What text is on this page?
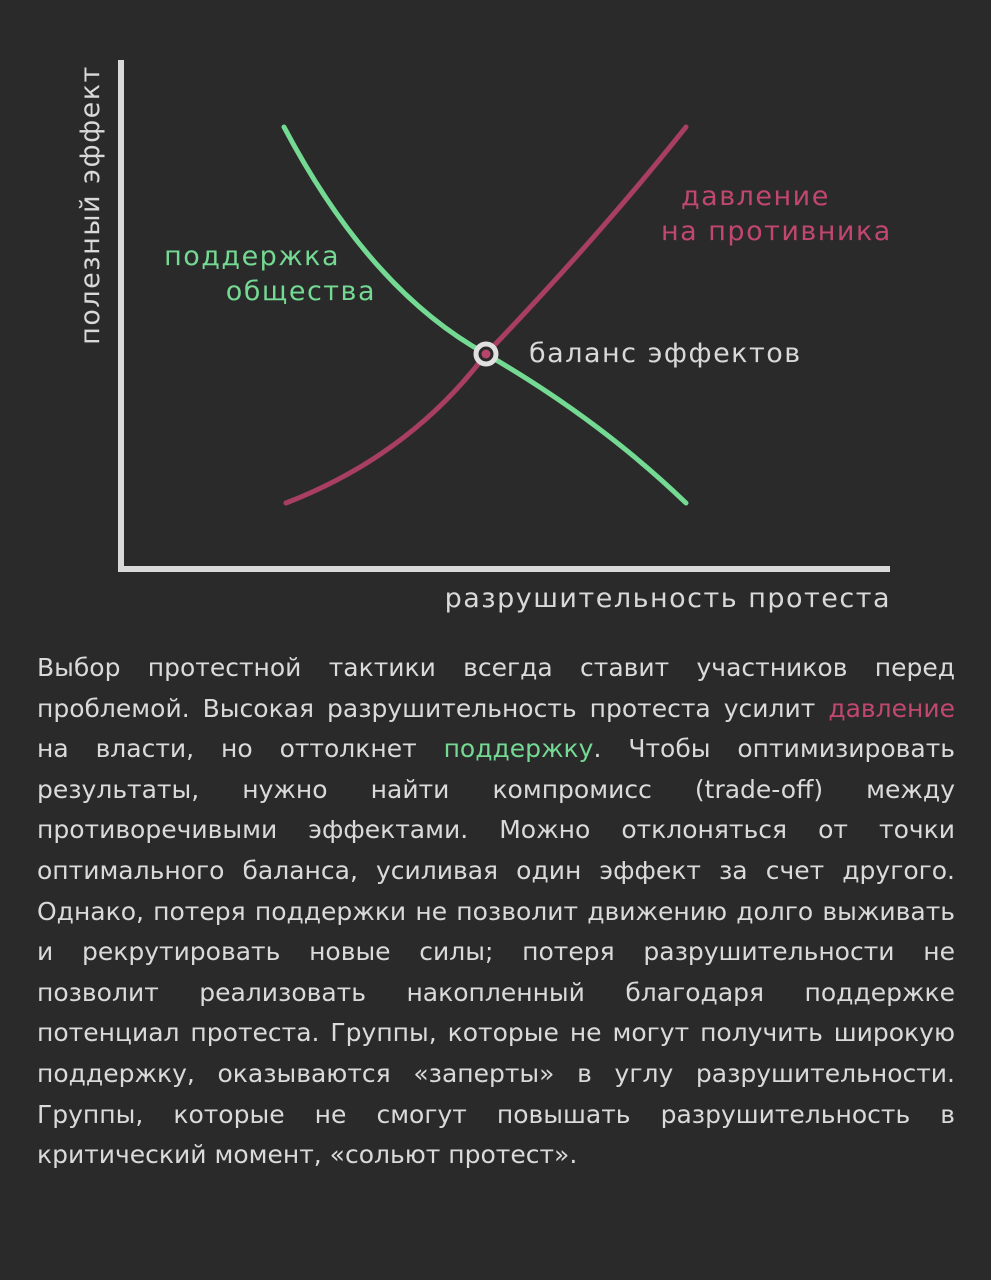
полезный эффект
разрушительность протеста
поддержка
общества
давление
на противника
баланс эффектов

Выбор протестной тактики всегда ставит участников перед проблемой. Высокая разрушительность протеста усилит давление на власти, но оттолкнет поддержку. Чтобы оптимизировать результаты, нужно найти компромисс (trade-off) между противоречивыми эффектами. Можно отклоняться от точки оптимального баланса, усиливая один эффект за счет другого. Однако, потеря поддержки не позволит движению долго выживать и рекрутировать новые силы; потеря разрушительности не позволит реализовать накопленный благодаря поддержке потенциал протеста. Группы, которые не могут получить широкую поддержку, оказываются «заперты» в углу разрушительности. Группы, которые не смогут повышать разрушительность в критический момент, «сольют протест».
